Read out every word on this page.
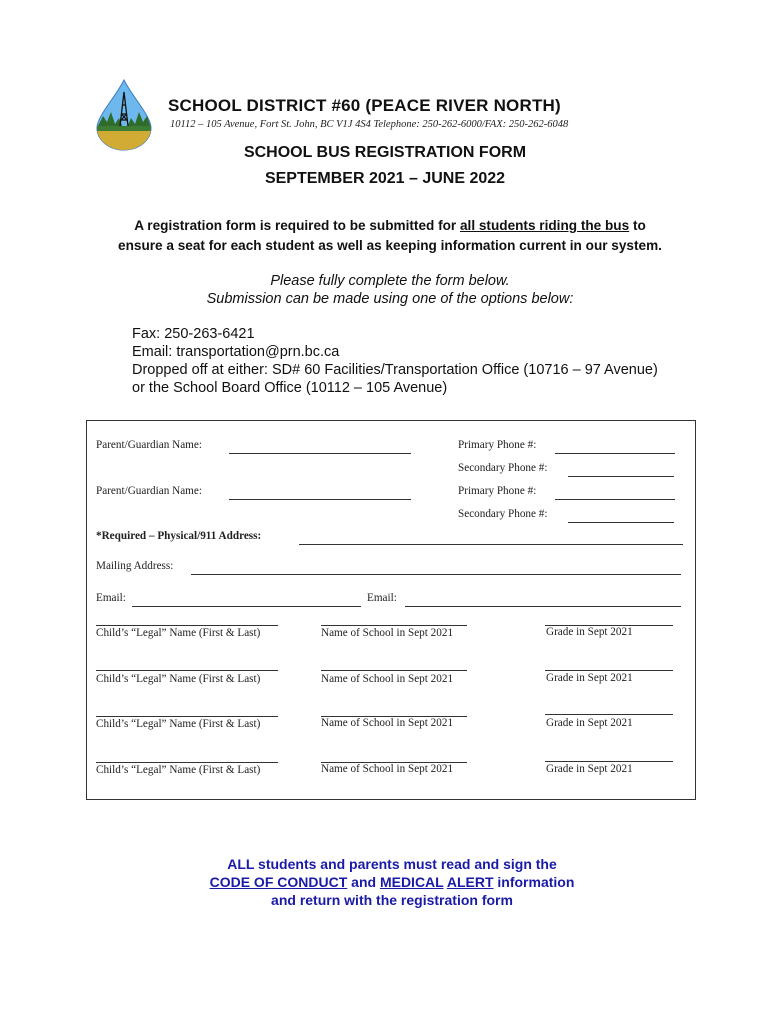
SCHOOL DISTRICT #60 (PEACE RIVER NORTH)
10112 – 105 Avenue, Fort St. John, BC V1J 4S4 Telephone: 250-262-6000/FAX: 250-262-6048
SCHOOL BUS REGISTRATION FORM
SEPTEMBER 2021 – JUNE 2022
A registration form is required to be submitted for all students riding the bus to
ensure a seat for each student as well as keeping information current in our system.
Please fully complete the form below.
Submission can be made using one of the options below:
Fax: 250-263-6421
Email: transportation@prn.bc.ca
Dropped off at either: SD# 60 Facilities/Transportation Office (10716 – 97 Avenue)
or the School Board Office (10112 – 105 Avenue)
Parent/Guardian Name:	Primary Phone #:
Secondary Phone #:
Parent/Guardian Name:	Primary Phone #:
Secondary Phone #:
*Required – Physical/911 Address:
Mailing Address:
Email:	Email:
Child’s “Legal” Name (First & Last)	Name of School in Sept 2021	Grade in Sept 2021
Child’s “Legal” Name (First & Last)	Name of School in Sept 2021	Grade in Sept 2021
Child’s “Legal” Name (First & Last)	Name of School in Sept 2021	Grade in Sept 2021
Child’s “Legal” Name (First & Last)	Name of School in Sept 2021	Grade in Sept 2021
ALL students and parents must read and sign the
CODE OF CONDUCT and MEDICAL ALERT information
and return with the registration form
